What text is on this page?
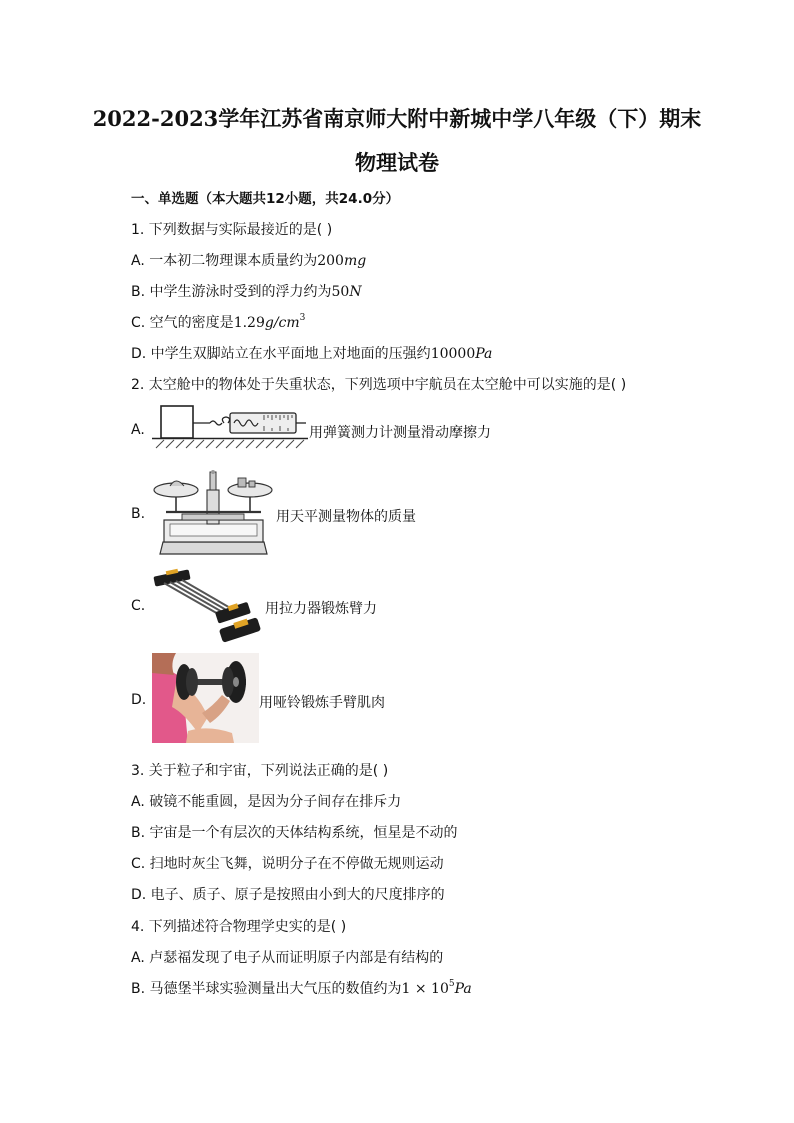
2022-2023学年江苏省南京师大附中新城中学八年级（下）期末
物理试卷
一、单选题（本大题共12小题，共24.0分）
1. 下列数据与实际最接近的是( )
A. 一本初二物理课本质量约为200mg
B. 中学生游泳时受到的浮力约为50N
C. 空气的密度是$1.29g/cm^3$
D. 中学生双脚站立在水平面地上对地面的压强约10000Pa
2. 太空舱中的物体处于失重状态，下列选项中宇航员在太空舱中可以实施的是( )
A.	用弹簧测力计测量滑动摩擦力
B.	用天平测量物体的质量
C.	用拉力器锻炼臂力
D.	用哑铃锻炼手臂肌肉
3. 关于粒子和宇宙，下列说法正确的是( )
A. 破镜不能重圆，是因为分子间存在排斥力
B. 宇宙是一个有层次的天体结构系统，恒星是不动的
C. 扫地时灰尘飞舞，说明分子在不停做无规则运动
D. 电子、质子、原子是按照由小到大的尺度排序的
4. 下列描述符合物理学史实的是( )
A. 卢瑟福发现了电子从而证明原子内部是有结构的
B. 马德堡半球实验测量出大气压的数值约为$1 \times 10^5Pa$
